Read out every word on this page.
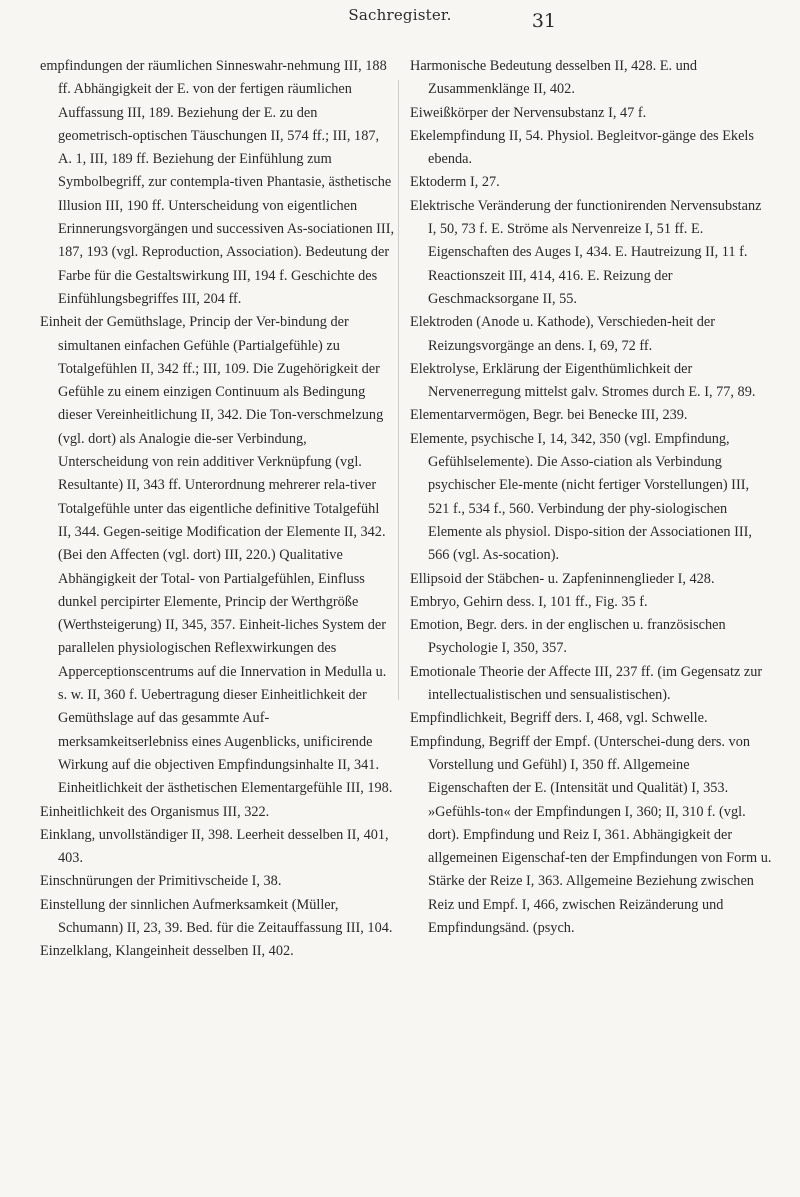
Sachregister.	31

empfindungen der räumlichen Sinneswahr-nehmung III, 188 ff. Abhängigkeit der E. von der fertigen räumlichen Auffassung III, 189. Beziehung der E. zu den geometrisch-optischen Täuschungen II, 574 ff.; III, 187, A. 1, III, 189 ff. Beziehung der Einfühlung zum Symbolbegriff, zur contempla-tiven Phantasie, ästhetische Illusion III, 190 ff. Unterscheidung von eigentlichen Erinnerungsvorgängen und successiven As-sociationen III, 187, 193 (vgl. Reproduction, Association). Bedeutung der Farbe für die Gestaltswirkung III, 194 f. Geschichte des Einfühlungsbegriffes III, 204 ff.

Einheit der Gemüthslage, Princip der Ver-bindung der simultanen einfachen Gefühle (Partialgefühle) zu Totalgefühlen II, 342 ff.; III, 109. Die Zugehörigkeit der Gefühle zu einem einzigen Continuum als Bedingung dieser Vereinheitlichung II, 342. Die Ton-verschmelzung (vgl. dort) als Analogie die-ser Verbindung, Unterscheidung von rein additiver Verknüpfung (vgl. Resultante) II, 343 ff. Unterordnung mehrerer rela-tiver Totalgefühle unter das eigentliche definitive Totalgefühl II, 344. Gegen-seitige Modification der Elemente II, 342. (Bei den Affecten (vgl. dort) III, 220.) Qualitative Abhängigkeit der Total- von Partialgefühlen, Einfluss dunkel percipirter Elemente, Princip der Werthgröße (Werthsteigerung) II, 345, 357. Einheit-liches System der parallelen physiologischen Reflexwirkungen des Apperceptionscentrums auf die Innervation in Medulla u. s. w. II, 360 f. Uebertragung dieser Einheitlichkeit der Gemüthslage auf das gesammte Auf-merksamkeitserlebniss eines Augenblicks, unificirende Wirkung auf die objectiven Empfindungsinhalte II, 341. Einheitlichkeit der ästhetischen Elementargefühle III, 198.

Einheitlichkeit des Organismus III, 322.

Einklang, unvollständiger II, 398. Leerheit desselben II, 401, 403.

Einschnürungen der Primitivscheide I, 38.

Einstellung der sinnlichen Aufmerksamkeit (Müller, Schumann) II, 23, 39. Bed. für die Zeitauffassung III, 104.

Einzelklang, Klangeinheit desselben II, 402.

Harmonische Bedeutung desselben II, 428. E. und Zusammenklänge II, 402.

Eiweißkörper der Nervensubstanz I, 47 f.

Ekelempfindung II, 54. Physiol. Begleitvor-gänge des Ekels ebenda.

Ektoderm I, 27.

Elektrische Veränderung der functionirenden Nervensubstanz I, 50, 73 f. E. Ströme als Nervenreize I, 51 ff. E. Eigenschaften des Auges I, 434. E. Hautreizung II, 11 f. Reactionszeit III, 414, 416. E. Reizung der Geschmacksorgane II, 55.

Elektroden (Anode u. Kathode), Verschieden-heit der Reizungsvorgänge an dens. I, 69, 72 ff.

Elektrolyse, Erklärung der Eigenthümlichkeit der Nervenerregung mittelst galv. Stromes durch E. I, 77, 89.

Elementarvermögen, Begr. bei Benecke III, 239.

Elemente, psychische I, 14, 342, 350 (vgl. Empfindung, Gefühlselemente). Die Asso-ciation als Verbindung psychischer Ele-mente (nicht fertiger Vorstellungen) III, 521 f., 534 f., 560. Verbindung der phy-siologischen Elemente als physiol. Dispo-sition der Associationen III, 566 (vgl. As-socation).

Ellipsoid der Stäbchen- u. Zapfeninnenglieder I, 428.

Embryo, Gehirn dess. I, 101 ff., Fig. 35 f.

Emotion, Begr. ders. in der englischen u. französischen Psychologie I, 350, 357.

Emotionale Theorie der Affecte III, 237 ff. (im Gegensatz zur intellectualistischen und sensualistischen).

Empfindlichkeit, Begriff ders. I, 468, vgl. Schwelle.

Empfindung, Begriff der Empf. (Unterschei-dung ders. von Vorstellung und Gefühl) I, 350 ff. Allgemeine Eigenschaften der E. (Intensität und Qualität) I, 353. »Gefühls-ton« der Empfindungen I, 360; II, 310 f. (vgl. dort). Empfindung und Reiz I, 361. Abhängigkeit der allgemeinen Eigenschaf-ten der Empfindungen von Form u. Stärke der Reize I, 363. Allgemeine Beziehung zwischen Reiz und Empf. I, 466, zwischen Reizänderung und Empfindungsänd. (psych.
